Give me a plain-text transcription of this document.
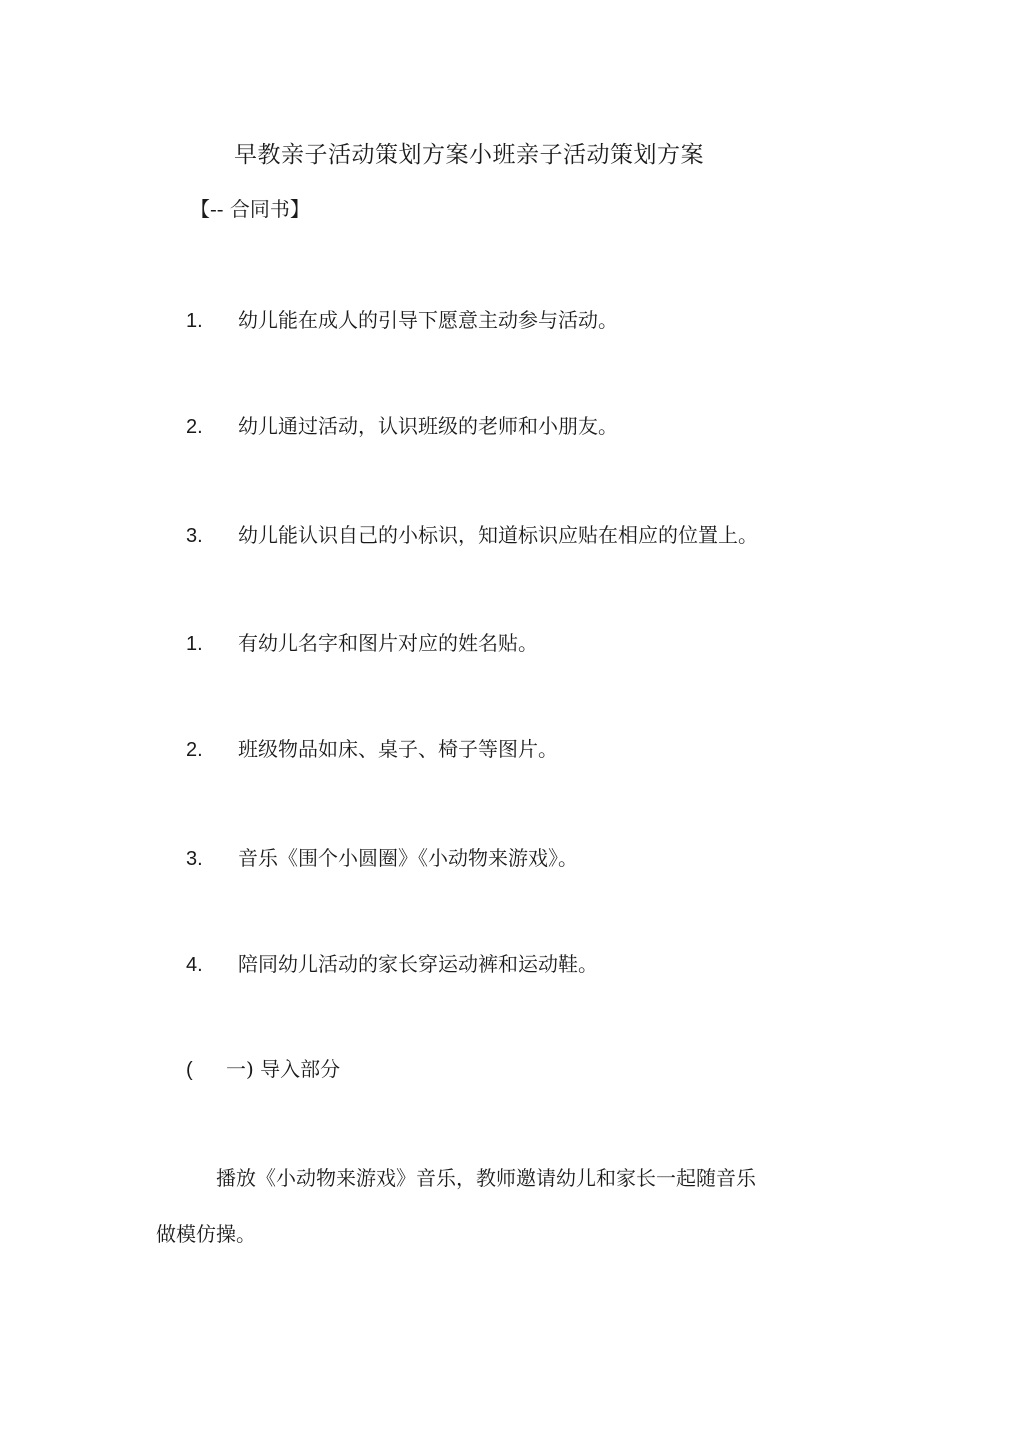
早教亲子活动策划方案小班亲子活动策划方案
【-- 合同书】
1. 幼儿能在成人的引导下愿意主动参与活动。
2. 幼儿通过活动，认识班级的老师和小朋友。
3. 幼儿能认识自己的小标识，知道标识应贴在相应的位置上。
1. 有幼儿名字和图片对应的姓名贴。
2. 班级物品如床、桌子、椅子等图片。
3. 音乐《围个小圆圈》《小动物来游戏》。
4. 陪同幼儿活动的家长穿运动裤和运动鞋。
( 一) 导入部分
播放《小动物来游戏》音乐，教师邀请幼儿和家长一起随音乐
做模仿操。
